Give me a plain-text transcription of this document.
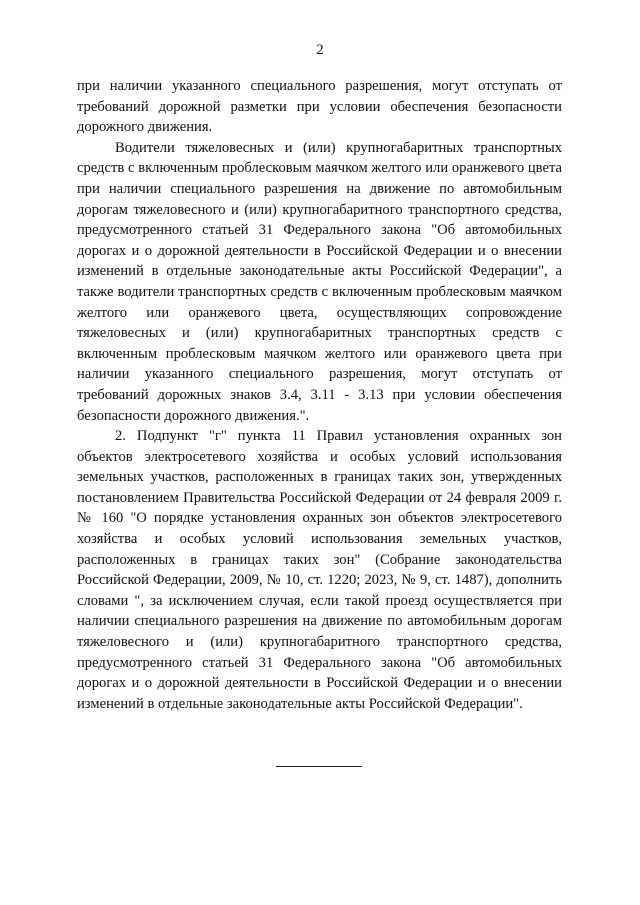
2

при наличии указанного специального разрешения, могут отступать от требований дорожной разметки при условии обеспечения безопасности дорожного движения.

Водители тяжеловесных и (или) крупногабаритных транспортных средств с включенным проблесковым маячком желтого или оранжевого цвета при наличии специального разрешения на движение по автомобильным дорогам тяжеловесного и (или) крупногабаритного транспортного средства, предусмотренного статьей 31 Федерального закона "Об автомобильных дорогах и о дорожной деятельности в Российской Федерации и о внесении изменений в отдельные законодательные акты Российской Федерации", а также водители транспортных средств с включенным проблесковым маячком желтого или оранжевого цвета, осуществляющих сопровождение тяжеловесных и (или) крупногабаритных транспортных средств с включенным проблесковым маячком желтого или оранжевого цвета при наличии указанного специального разрешения, могут отступать от требований дорожных знаков 3.4, 3.11 - 3.13 при условии обеспечения безопасности дорожного движения.".

2. Подпункт "г" пункта 11 Правил установления охранных зон объектов электросетевого хозяйства и особых условий использования земельных участков, расположенных в границах таких зон, утвержденных постановлением Правительства Российской Федерации от 24 февраля 2009 г. № 160 "О порядке установления охранных зон объектов электросетевого хозяйства и особых условий использования земельных участков, расположенных в границах таких зон" (Собрание законодательства Российской Федерации, 2009, № 10, ст. 1220; 2023, № 9, ст. 1487), дополнить словами ", за исключением случая, если такой проезд осуществляется при наличии специального разрешения на движение по автомобильным дорогам тяжеловесного и (или) крупногабаритного транспортного средства, предусмотренного статьей 31 Федерального закона "Об автомобильных дорогах и о дорожной деятельности в Российской Федерации и о внесении изменений в отдельные законодательные акты Российской Федерации".
